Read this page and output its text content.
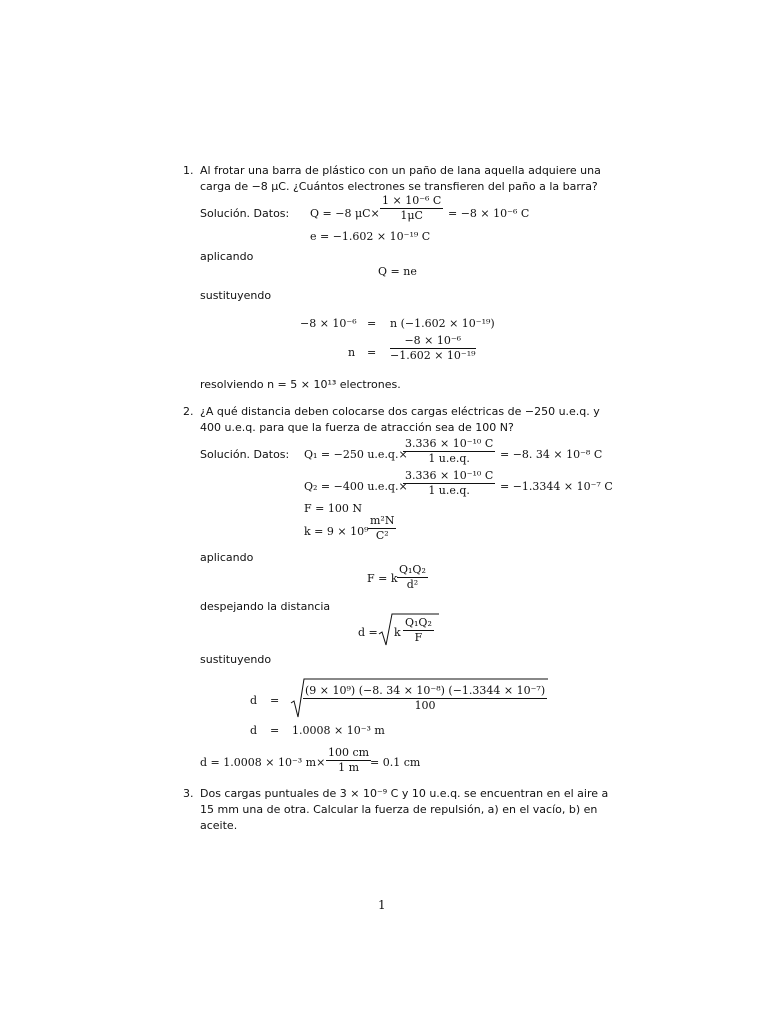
1. Al frotar una barra de plástico con un paño de lana aquella adquiere una
carga de −8 μC. ¿Cuántos electrones se transfieren del paño a la barra?
Solución. Datos: Q = −8 $\mu C\times \frac{\text{1 × 10⁻⁶ C}}{1\mu C} = -8 \times 10^{-6}$ C
e = −1.602 × 10⁻¹⁹ C
aplicando
Q = ne
sustituyendo
−8 × 10⁻⁶ = n (−1.602 × 10⁻¹⁹)
$n = \frac{\text{−8 × 10⁻⁶}}{\text{−1.602 × 10⁻¹⁹}}$
resolviendo n = 5 × 10¹³ electrones.
2. ¿A qué distancia deben colocarse dos cargas eléctricas de −250 u.e.q. y
400 u.e.q. para que la fuerza de atracción sea de 100 N?
Solución. Datos: Q₁ = −250 u.e.q.×
$\frac{\text{3.336 × 10⁻¹⁰ C}}{1 u.e.q.} = -8$. 34 × 10⁻⁸ C
Q₂ = −400 u.e.q.×
$\frac{\text{3.336 × 10⁻¹⁰ C}}{1 u.e.q.} = -1.3344 \times 10^{-7}$ C
F = 100 N
$k = 9 \times 10^9 \frac{\text{m²N}}{\text{C²}}$
aplicando
F = k $\frac{\text{Q₁Q₂}}{\text{d²}}$
despejando la distancia
d = k $\frac{\text{Q₁Q₂}}{F}$
sustituyendo
$d = \frac{\text{(9 × 10⁹) (−8. 34 × 10⁻⁸) (−1.3344 × 10⁻⁷)}}{100}$
d = 1.0008 × 10⁻³ m
d = 1.0008 × 10⁻³ $m\times \frac{100 cm}{1 m}$
= 0.1 cm
3. Dos cargas puntuales de 3 × 10⁻⁹ C y 10 u.e.q. se encuentran en el aire a
15 mm una de otra. Calcular la fuerza de repulsión, a) en el vacío, b) en
aceite.
1
